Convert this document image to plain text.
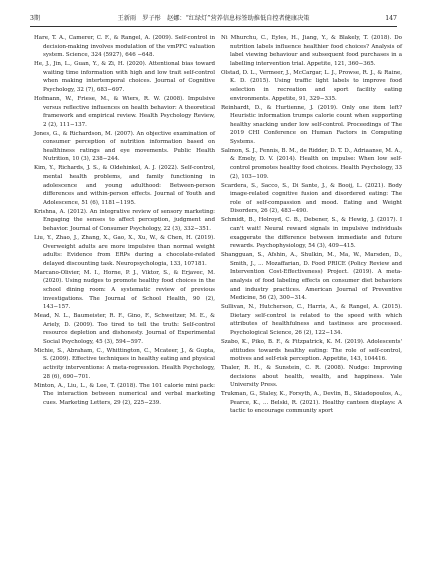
3期	王新雨　罗子彤　赵娜：“红绿灯”营养信息标签助推低自控者健康决策	147

Hare, T. A., Camerer, C. F., & Rangel, A. (2009). Self-control in decision-making involves modulation of the vmPFC valuation system. Science, 324 (5927), 646 −648.

He, J., Jin, L., Guan, Y., & Zi, H. (2020). Attentional bias toward waiting time information with high and low trait self-control when making intertemporal choices. Journal of Cognitive Psychology, 32 (7), 683−697.

Hofmann, W., Friese, M., & Wiers, R. W. (2008). Impulsive versus reflective influences on health behavior: A theoretical framework and empirical review. Health Psychology Review, 2 (2), 111−137.

Jones, G., & Richardson, M. (2007). An objective examination of consumer perception of nutrition information based on healthiness ratings and eye movements. Public Health Nutrition, 10 (3), 238−244.

Kim, Y., Richards, J. S., & Oldehinkel, A. J. (2022). Self-control, mental health problems, and family functioning in adolescence and young adulthood: Between-person differences and within-person effects. Journal of Youth and Adolescence, 51 (6), 1181−1195.

Krishna, A. (2012). An integrative review of sensory marketing: Engaging the senses to affect perception, judgment and behavior. Journal of Consumer Psychology, 22 (3), 332−351.

Liu, Y., Zhao, J., Zhang, X., Gao, X., Xu, W., & Chen, H. (2019). Overweight adults are more impulsive than normal weight adults: Evidence from ERPs during a chocolate-related delayed discounting task. Neuropsychologia, 133, 107181.

Marcano-Olivier, M. I., Horne, P. J., Viktor, S., & Erjavec, M. (2020). Using nudges to promote healthy food choices in the school dining room: A systematic review of previous investigations. The Journal of School Health, 90 (2), 143−157.

Mead, N. L., Baumeister, R. F., Gino, F., Schweitzer, M. E., & Ariely, D. (2009). Too tired to tell the truth: Self-control resource depletion and dishonesty. Journal of Experimental Social Psychology, 45 (3), 594−597.

Michie, S., Abraham, C., Whittington, C., Mcateer, J., & Gupta, S. (2009). Effective techniques in healthy eating and physical activity interventions: A meta-regression. Health Psychology, 28 (6), 690−701.

Minton, A., Liu, L., & Lee, T. (2018). The 101 calorie mini pack: The interaction between numerical and verbal marketing cues. Marketing Letters, 29 (2), 225−239.

Ni Mhurchu, C., Eyles, H., Jiang, Y., & Blakely, T. (2018). Do nutrition labels influence healthier food choices? Analysis of label viewing behaviour and subsequent food purchases in a labelling intervention trial. Appetite, 121, 360−365.

Olstad, D. L., Vermeer, J., McCargar, L. J., Prowse, R. J., & Raine, K. D. (2015). Using traffic light labels to improve food selection in recreation and sport facility eating environments. Appetite, 91, 329−335.

Reinhardt, D., & Hurtienne, J. (2019). Only one item left? Heuristic information trumps calorie count when supporting healthy snacking under low self-control. Proceedings of The 2019 CHI Conference on Human Factors in Computing Systems.

Salmon, S. J., Fennis, B. M., de Ridder, D. T. D., Adriaanse, M. A., & Emely, D. V. (2014). Health on impulse: When low self-control promotes healthy food choices. Health Psychology, 33 (2), 103−109.

Scardera, S., Sacco, S., Di Sante, J., & Booij, L. (2021). Body image-related cognitive fusion and disordered eating: The role of self-compassion and mood. Eating and Weight Disorders, 26 (2), 483−490.

Schmidt, B., Holroyd, C. B., Debener, S., & Hewig, J. (2017). I can't wait! Neural reward signals in impulsive individuals exaggerate the difference between immediate and future rewards. Psychophysiology, 54 (3), 409−415.

Shangguan, S., Afshin, A., Shulkin, M., Ma, W., Marsden, D., Smith, J., ... Mozaffarian, D. Food PRICE (Policy Review and Intervention Cost-Effectiveness) Project. (2019). A meta-analysis of food labeling effects on consumer diet behaviors and industry practices. American Journal of Preventive Medicine, 56 (2), 300−314.

Sullivan, N., Hutcherson, C., Harris, A., & Rangel, A. (2015). Dietary self-control is related to the speed with which attributes of healthfulness and tastiness are processed. Psychological Science, 26 (2), 122−134.

Szabo, K., Piko, B. F., & Fitzpatrick, K. M. (2019). Adolescents' attitudes towards healthy eating: The role of self-control, motives and self-risk perception. Appetite, 143, 104416.

Thaler, R. H., & Sunstein, C. R. (2008). Nudge: Improving decisions about health, wealth, and happiness. Yale University Press.

Trukman, G., Staley, K., Forsyth, A., Devlin, B., Skiadopoulos, A., Pearce, K., ... Belski, R. (2021). Healthy canteen displays: A tactic to encourage community sport
